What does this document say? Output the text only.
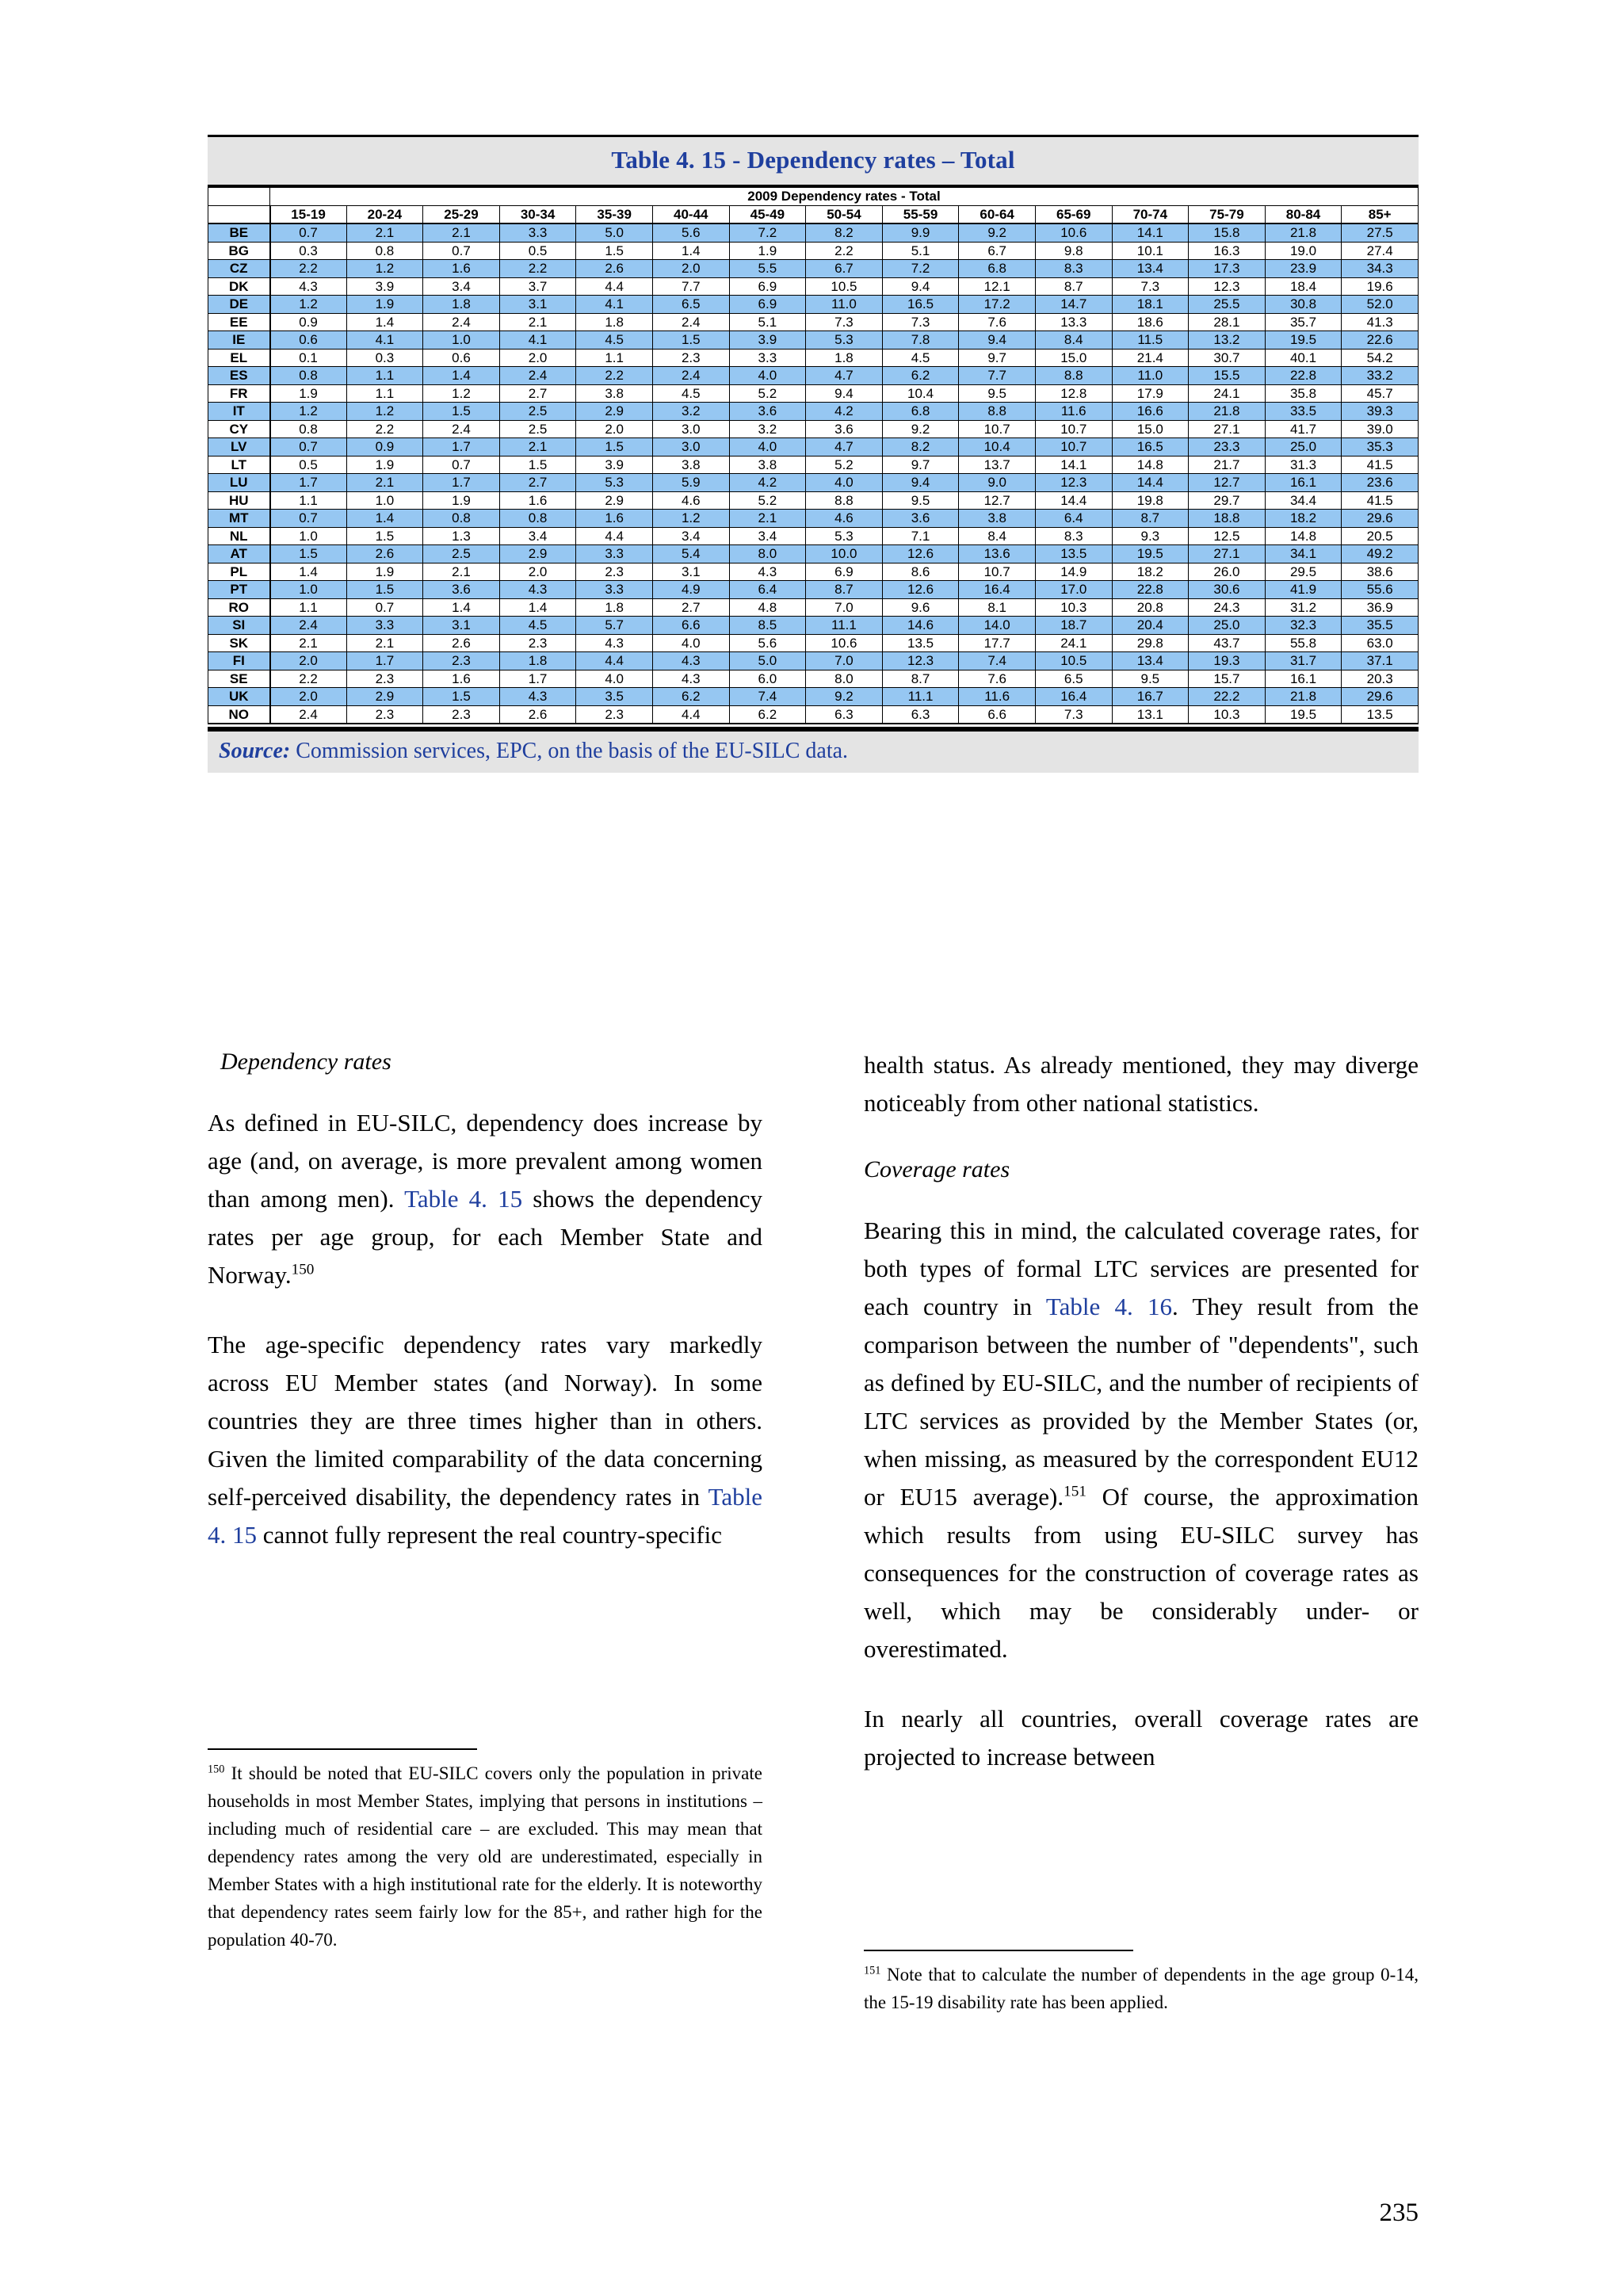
Table 4. 15 - Dependency rates – Total
	2009 Dependency rates - Total														
	15-19	20-24	25-29	30-34	35-39	40-44	45-49	50-54	55-59	60-64	65-69	70-74	75-79	80-84	85+
BE	0.7	2.1	2.1	3.3	5.0	5.6	7.2	8.2	9.9	9.2	10.6	14.1	15.8	21.8	27.5
BG	0.3	0.8	0.7	0.5	1.5	1.4	1.9	2.2	5.1	6.7	9.8	10.1	16.3	19.0	27.4
CZ	2.2	1.2	1.6	2.2	2.6	2.0	5.5	6.7	7.2	6.8	8.3	13.4	17.3	23.9	34.3
DK	4.3	3.9	3.4	3.7	4.4	7.7	6.9	10.5	9.4	12.1	8.7	7.3	12.3	18.4	19.6
DE	1.2	1.9	1.8	3.1	4.1	6.5	6.9	11.0	16.5	17.2	14.7	18.1	25.5	30.8	52.0
EE	0.9	1.4	2.4	2.1	1.8	2.4	5.1	7.3	7.3	7.6	13.3	18.6	28.1	35.7	41.3
IE	0.6	4.1	1.0	4.1	4.5	1.5	3.9	5.3	7.8	9.4	8.4	11.5	13.2	19.5	22.6
EL	0.1	0.3	0.6	2.0	1.1	2.3	3.3	1.8	4.5	9.7	15.0	21.4	30.7	40.1	54.2
ES	0.8	1.1	1.4	2.4	2.2	2.4	4.0	4.7	6.2	7.7	8.8	11.0	15.5	22.8	33.2
FR	1.9	1.1	1.2	2.7	3.8	4.5	5.2	9.4	10.4	9.5	12.8	17.9	24.1	35.8	45.7
IT	1.2	1.2	1.5	2.5	2.9	3.2	3.6	4.2	6.8	8.8	11.6	16.6	21.8	33.5	39.3
CY	0.8	2.2	2.4	2.5	2.0	3.0	3.2	3.6	9.2	10.7	10.7	15.0	27.1	41.7	39.0
LV	0.7	0.9	1.7	2.1	1.5	3.0	4.0	4.7	8.2	10.4	10.7	16.5	23.3	25.0	35.3
LT	0.5	1.9	0.7	1.5	3.9	3.8	3.8	5.2	9.7	13.7	14.1	14.8	21.7	31.3	41.5
LU	1.7	2.1	1.7	2.7	5.3	5.9	4.2	4.0	9.4	9.0	12.3	14.4	12.7	16.1	23.6
HU	1.1	1.0	1.9	1.6	2.9	4.6	5.2	8.8	9.5	12.7	14.4	19.8	29.7	34.4	41.5
MT	0.7	1.4	0.8	0.8	1.6	1.2	2.1	4.6	3.6	3.8	6.4	8.7	18.8	18.2	29.6
NL	1.0	1.5	1.3	3.4	4.4	3.4	3.4	5.3	7.1	8.4	8.3	9.3	12.5	14.8	20.5
AT	1.5	2.6	2.5	2.9	3.3	5.4	8.0	10.0	12.6	13.6	13.5	19.5	27.1	34.1	49.2
PL	1.4	1.9	2.1	2.0	2.3	3.1	4.3	6.9	8.6	10.7	14.9	18.2	26.0	29.5	38.6
PT	1.0	1.5	3.6	4.3	3.3	4.9	6.4	8.7	12.6	16.4	17.0	22.8	30.6	41.9	55.6
RO	1.1	0.7	1.4	1.4	1.8	2.7	4.8	7.0	9.6	8.1	10.3	20.8	24.3	31.2	36.9
SI	2.4	3.3	3.1	4.5	5.7	6.6	8.5	11.1	14.6	14.0	18.7	20.4	25.0	32.3	35.5
SK	2.1	2.1	2.6	2.3	4.3	4.0	5.6	10.6	13.5	17.7	24.1	29.8	43.7	55.8	63.0
FI	2.0	1.7	2.3	1.8	4.4	4.3	5.0	7.0	12.3	7.4	10.5	13.4	19.3	31.7	37.1
SE	2.2	2.3	1.6	1.7	4.0	4.3	6.0	8.0	8.7	7.6	6.5	9.5	15.7	16.1	20.3
UK	2.0	2.9	1.5	4.3	3.5	6.2	7.4	9.2	11.1	11.6	16.4	16.7	22.2	21.8	29.6
NO	2.4	2.3	2.3	2.6	2.3	4.4	6.2	6.3	6.3	6.6	7.3	13.1	10.3	19.5	13.5
Source: Commission services, EPC, on the basis of the EU-SILC data.
Dependency rates

As defined in EU-SILC, dependency does increase by age (and, on average, is more prevalent among women than among men). Table 4. 15 shows the dependency rates per age group, for each Member State and Norway.$^{150}$

The age-specific dependency rates vary markedly across EU Member states (and Norway). In some countries they are three times higher than in others. Given the limited comparability of the data concerning self-perceived disability, the dependency rates in Table 4. 15 cannot fully represent the real country-specific

health status. As already mentioned, they may diverge noticeably from other national statistics.

Coverage rates

Bearing this in mind, the calculated coverage rates, for both types of formal LTC services are presented for each country in Table 4. 16. They result from the comparison between the number of "dependents", such as defined by EU-SILC, and the number of recipients of LTC services as provided by the Member States (or, when missing, as measured by the correspondent EU12 or EU15 average).$^{151}$ Of course, the approximation which results from using EU-SILC survey has consequences for the construction of coverage rates as well, which may be considerably under- or overestimated.

In nearly all countries, overall coverage rates are projected to increase between

$^{150}$ It should be noted that EU-SILC covers only the population in private households in most Member States, implying that persons in institutions – including much of residential care – are excluded. This may mean that dependency rates among the very old are underestimated, especially in Member States with a high institutional rate for the elderly. It is noteworthy that dependency rates seem fairly low for the 85+, and rather high for the population 40-70.

$^{151}$ Note that to calculate the number of dependents in the age group 0-14, the 15-19 disability rate has been applied.

235
